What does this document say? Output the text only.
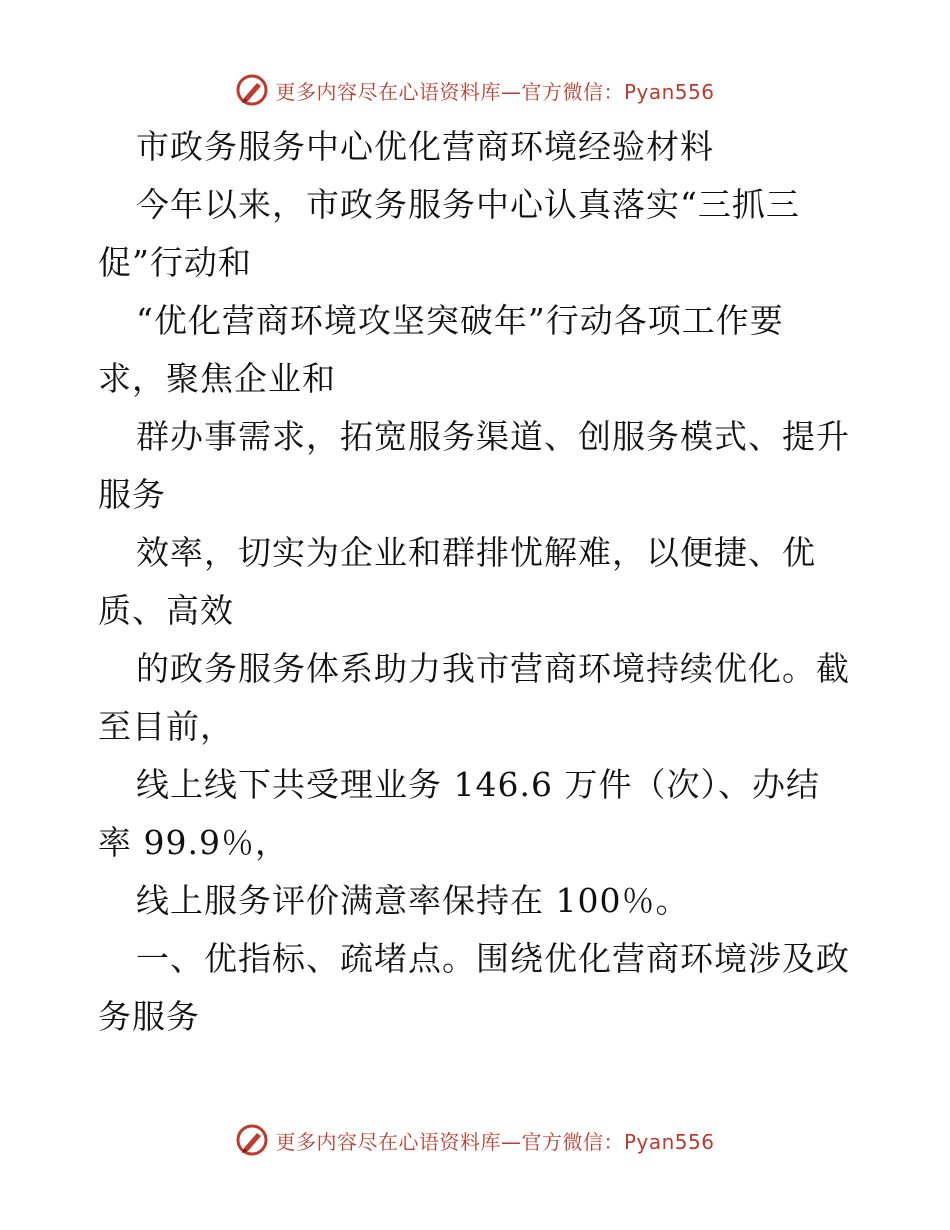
更多内容尽在心语资料库—官方微信：Pyan556
市政务服务中心优化营商环境经验材料
今年以来，市政务服务中心认真落实“三抓三
促”行动和
“优化营商环境攻坚突破年”行动各项工作要
求，聚焦企业和
群办事需求，拓宽服务渠道、创服务模式、提升
服务
效率，切实为企业和群排忧解难，以便捷、优
质、高效
的政务服务体系助力我市营商环境持续优化。截
至目前，
线上线下共受理业务 146.6 万件（次）、办结
率 99.9％，
线上服务评价满意率保持在 100％。
一、优指标、疏堵点。围绕优化营商环境涉及政
务服务
更多内容尽在心语资料库—官方微信：Pyan556
